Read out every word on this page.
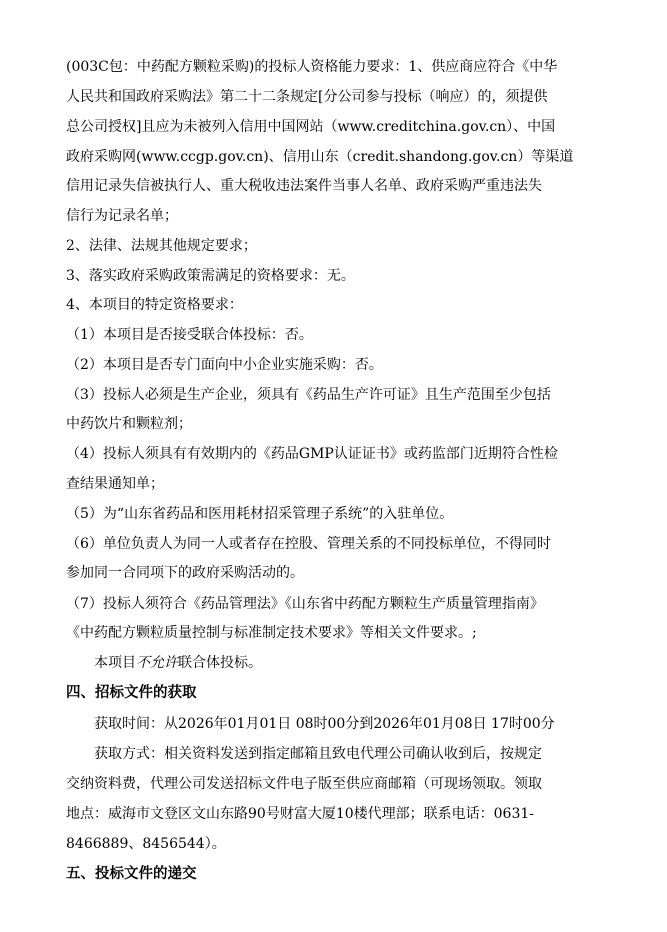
(003C包：中药配方颗粒采购)的投标人资格能力要求：1、供应商应符合《中华
人民共和国政府采购法》第二十二条规定[分公司参与投标（响应）的，须提供
总公司授权]且应为未被列入信用中国网站（www.creditchina.gov.cn）、中国
政府采购网(www.ccgp.gov.cn)、信用山东（credit.shandong.gov.cn）等渠道
信用记录失信被执行人、重大税收违法案件当事人名单、政府采购严重违法失
信行为记录名单；
2、法律、法规其他规定要求；
3、落实政府采购政策需满足的资格要求：无。
4、本项目的特定资格要求：
（1）本项目是否接受联合体投标：否。
（2）本项目是否专门面向中小企业实施采购：否。
（3）投标人必须是生产企业，须具有《药品生产许可证》且生产范围至少包括
中药饮片和颗粒剂；
（4）投标人须具有有效期内的《药品GMP认证证书》或药监部门近期符合性检
查结果通知单；
（5）为“山东省药品和医用耗材招采管理子系统”的入驻单位。
（6）单位负责人为同一人或者存在控股、管理关系的不同投标单位，不得同时
参加同一合同项下的政府采购活动的。
（7）投标人须符合《药品管理法》《山东省中药配方颗粒生产质量管理指南》
《中药配方颗粒质量控制与标准制定技术要求》等相关文件要求。;
本项目不允许联合体投标。
四、招标文件的获取
获取时间：从2026年01月01日 08时00分到2026年01月08日 17时00分
获取方式：相关资料发送到指定邮箱且致电代理公司确认收到后，按规定
交纳资料费，代理公司发送招标文件电子版至供应商邮箱（可现场领取。领取
地点：威海市文登区文山东路90号财富大厦10楼代理部；联系电话：0631-
8466889、8456544）。
五、投标文件的递交
